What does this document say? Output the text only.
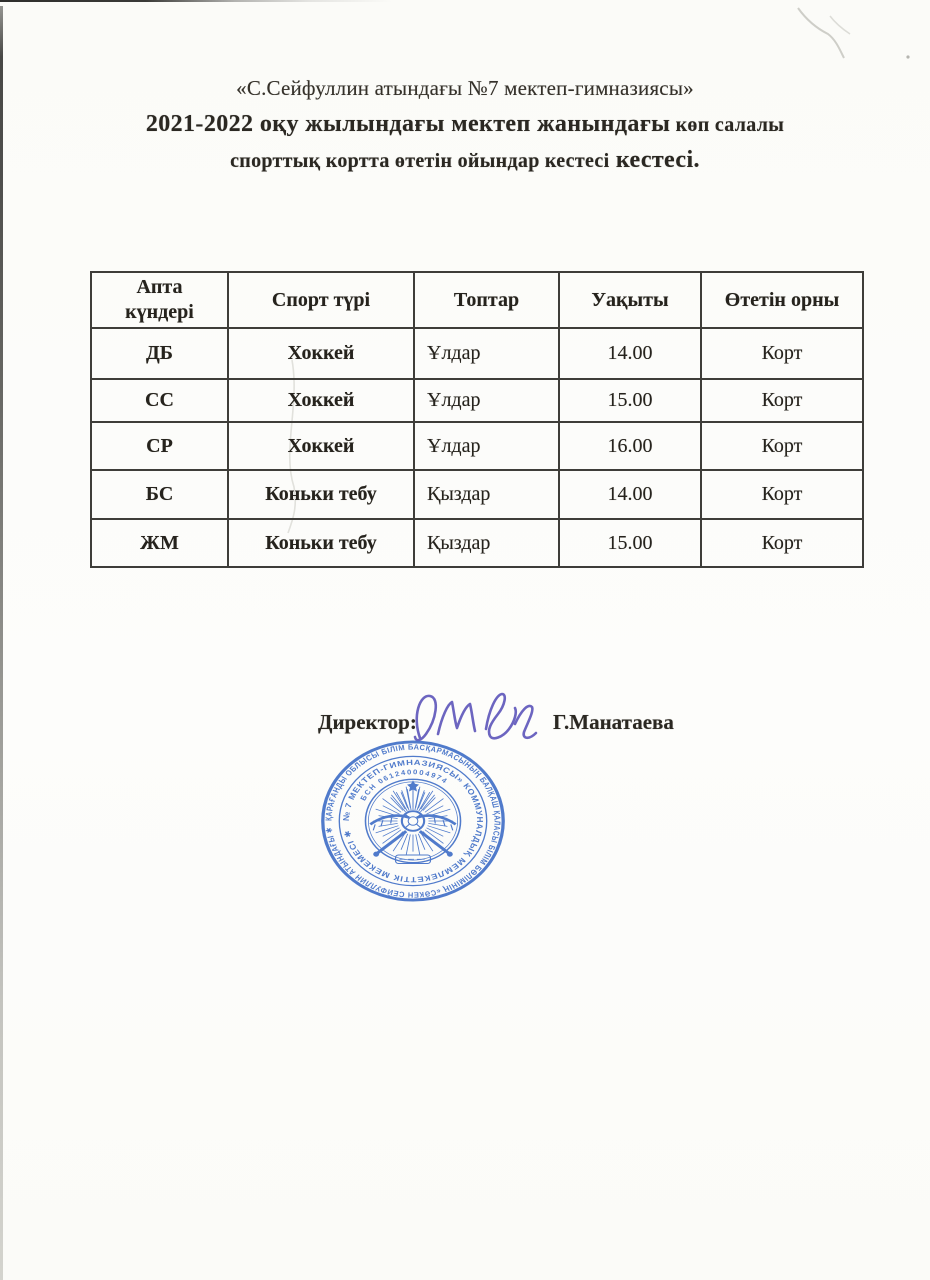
«С.Сейфуллин атындағы №7 мектеп-гимназиясы»
2021-2022 оқу жылындағы мектеп жанындағы көп салалы
спорттық кортта өтетін ойындар кестесі кестесі.
Апта күндері	Спорт түрі	Топтар	Уақыты	Өтетін орны
ДБ	Хоккей	Ұлдар	14.00	Корт
СС	Хоккей	Ұлдар	15.00	Корт
СР	Хоккей	Ұлдар	16.00	Корт
БС	Коньки тебу	Қыздар	14.00	Корт
ЖМ	Коньки тебу	Қыздар	15.00	Корт
Директор:	Г.Манатаева
ҚАРАҒАНДЫ ОБЛЫСЫ БІЛІМ БАСҚАРМАСЫНЫҢ БАЛҚАШ ҚАЛАСЫ БІЛІМ БӨЛІМІНІҢ «СӘКЕН СЕЙФУЛЛИН АТЫНДАҒЫ ✱
№ 7 МЕКТЕП-ГИМНАЗИЯСЫ» КОММУНАЛДЫҚ МЕМЛЕКЕТТІК МЕКЕМЕСІ ✱
БСН 061240004974
